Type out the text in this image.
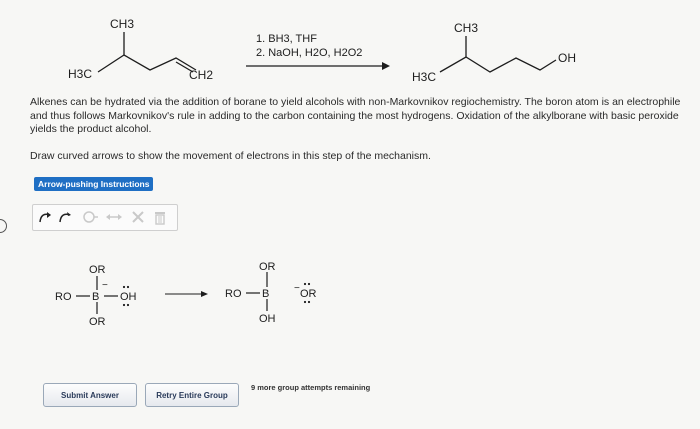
CH3
H3C	CH2
1. BH3, THF
2. NaOH, H2O, H2O2
CH3
H3C
OH
OR
RO B
−
OH
OR
OR
RO B
OH
− OR
Alkenes can be hydrated via the addition of borane to yield alcohols with non-Markovnikov regiochemistry. The boron atom is an electrophile and thus follows Markovnikov's rule in adding to the carbon containing the most hydrogens. Oxidation of the alkylborane with basic peroxide yields the product alcohol.
Draw curved arrows to show the movement of electrons in this step of the mechanism.
Arrow-pushing Instructions
Submit Answer	Retry Entire Group
9 more group attempts remaining
